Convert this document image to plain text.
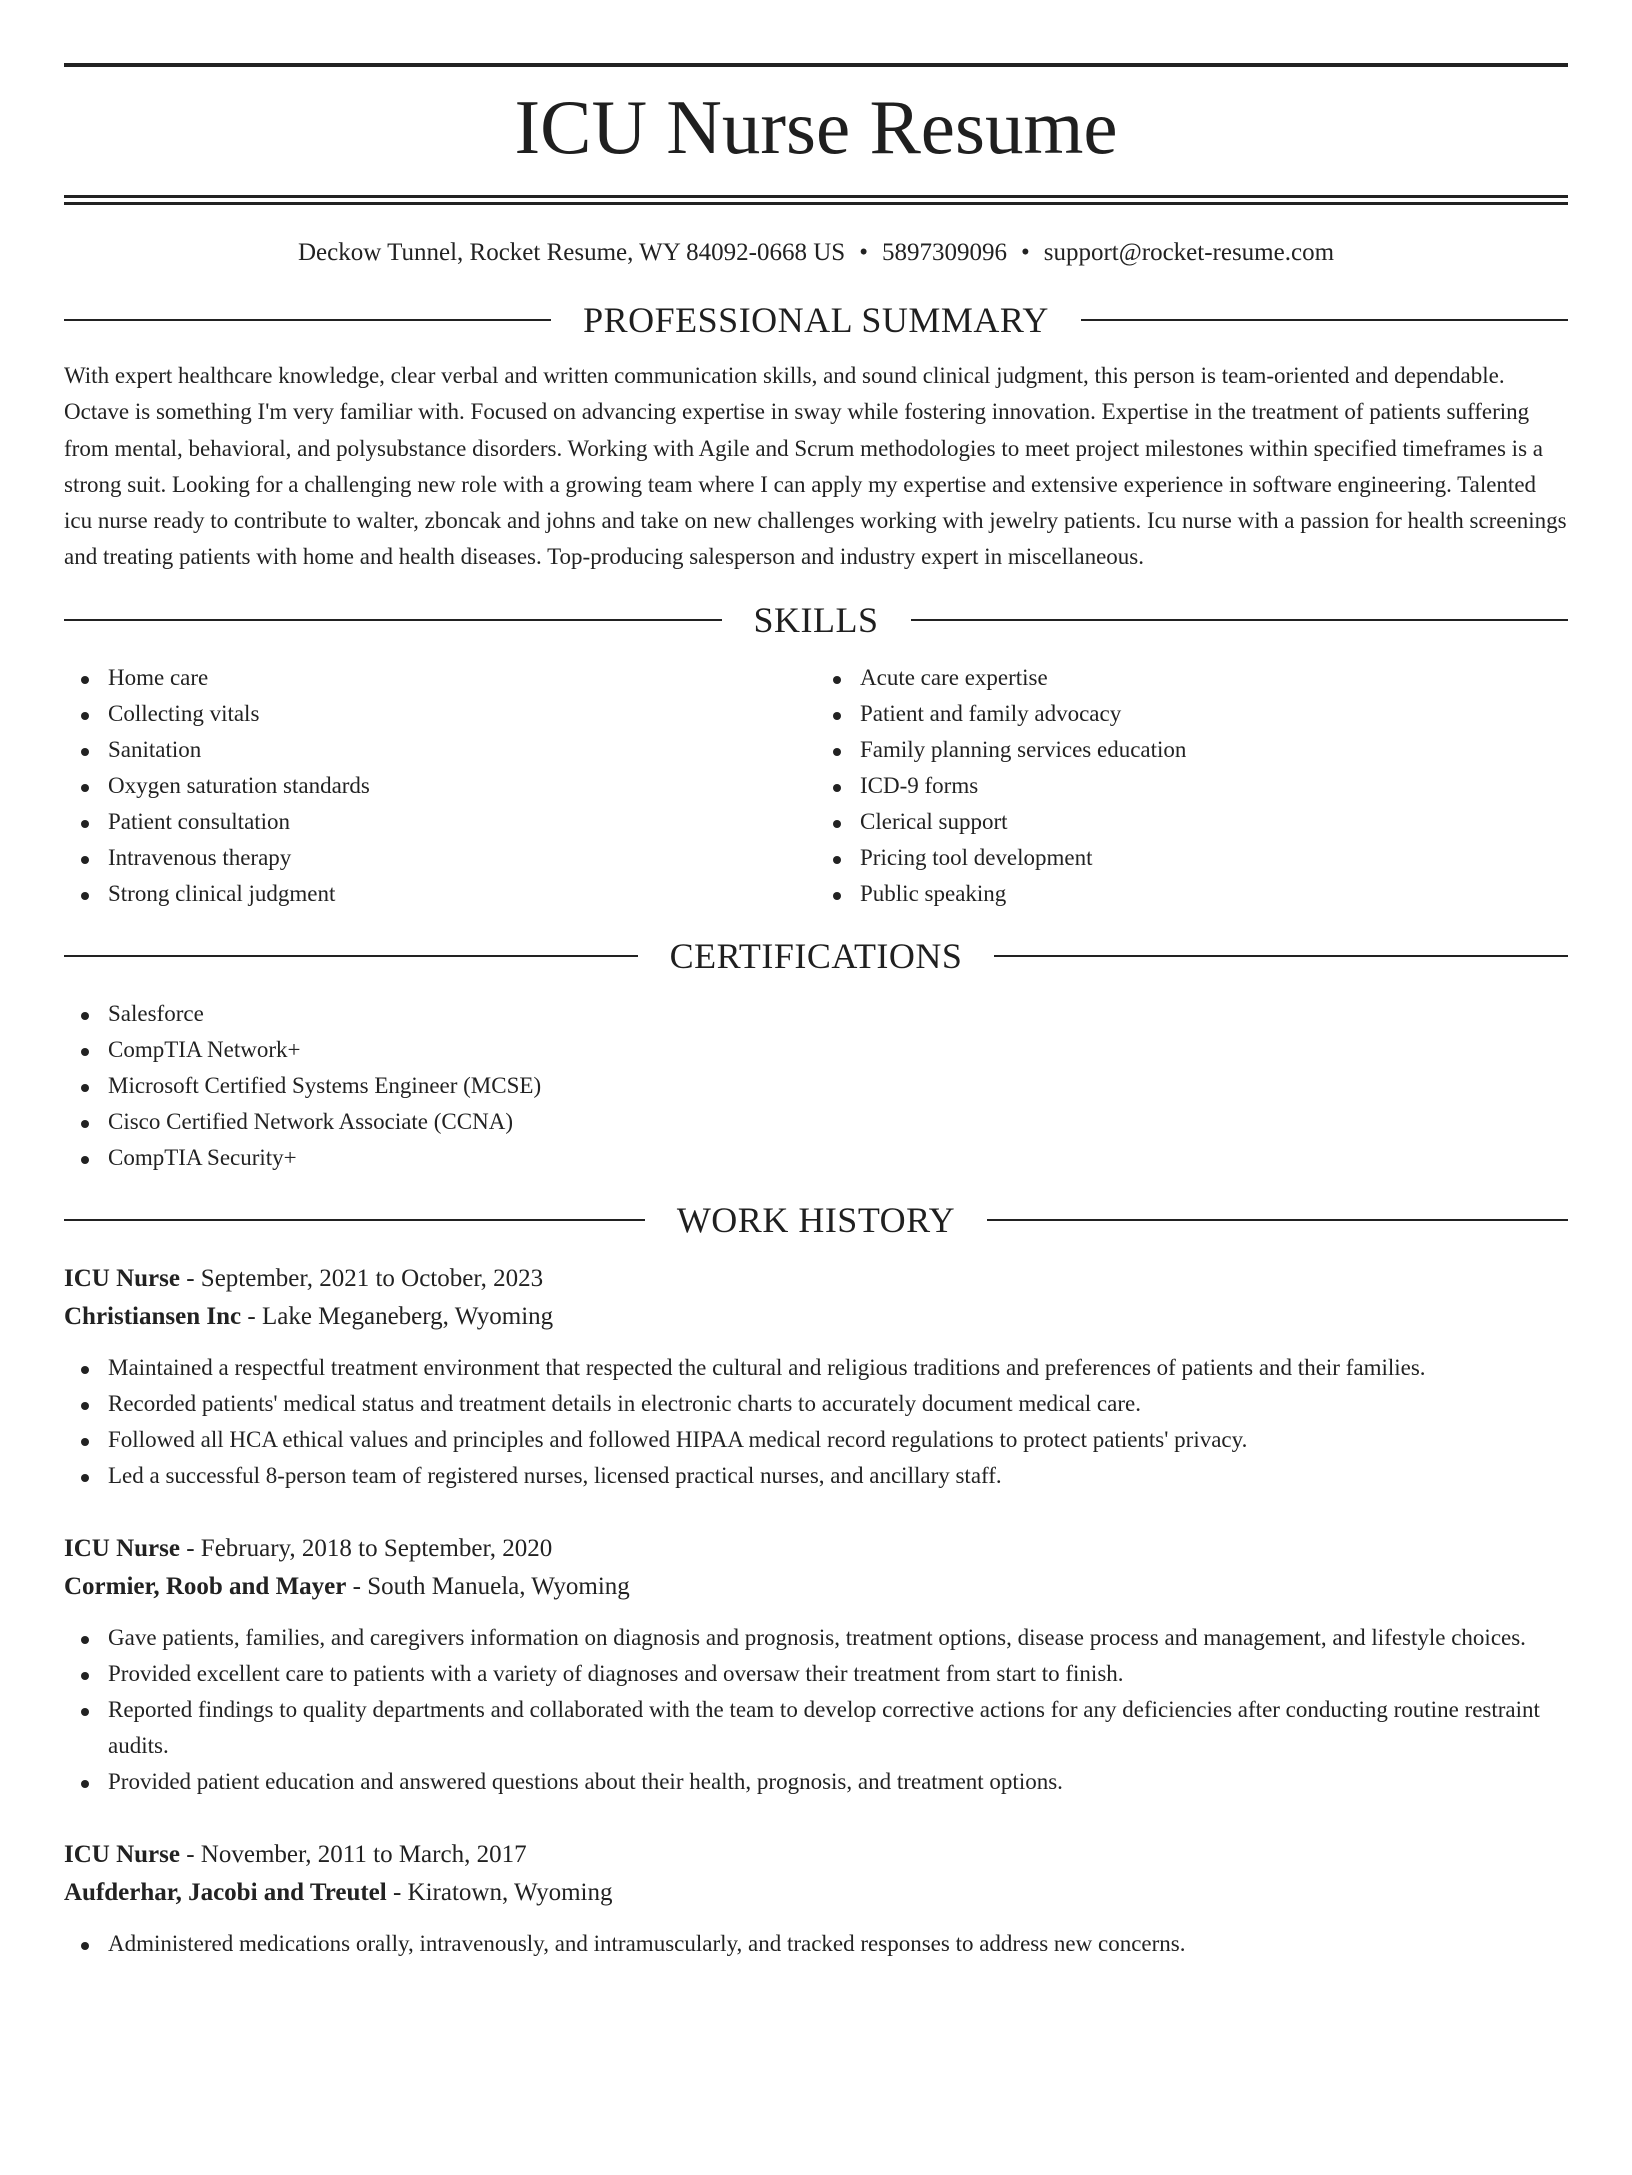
ICU Nurse Resume
Deckow Tunnel, Rocket Resume, WY 84092-0668 US • 5897309096 • support@rocket-resume.com
PROFESSIONAL SUMMARY
With expert healthcare knowledge, clear verbal and written communication skills, and sound clinical judgment, this person is team-oriented and dependable. Octave is something I'm very familiar with. Focused on advancing expertise in sway while fostering innovation. Expertise in the treatment of patients suffering from mental, behavioral, and polysubstance disorders. Working with Agile and Scrum methodologies to meet project milestones within specified timeframes is a strong suit. Looking for a challenging new role with a growing team where I can apply my expertise and extensive experience in software engineering. Talented icu nurse ready to contribute to walter, zboncak and johns and take on new challenges working with jewelry patients. Icu nurse with a passion for health screenings and treating patients with home and health diseases. Top-producing salesperson and industry expert in miscellaneous.
SKILLS
Home care
Collecting vitals
Sanitation
Oxygen saturation standards
Patient consultation
Intravenous therapy
Strong clinical judgment
Acute care expertise
Patient and family advocacy
Family planning services education
ICD-9 forms
Clerical support
Pricing tool development
Public speaking
CERTIFICATIONS
Salesforce
CompTIA Network+
Microsoft Certified Systems Engineer (MCSE)
Cisco Certified Network Associate (CCNA)
CompTIA Security+
WORK HISTORY
ICU Nurse - September, 2021 to October, 2023
Christiansen Inc - Lake Meganeberg, Wyoming
Maintained a respectful treatment environment that respected the cultural and religious traditions and preferences of patients and their families.
Recorded patients' medical status and treatment details in electronic charts to accurately document medical care.
Followed all HCA ethical values and principles and followed HIPAA medical record regulations to protect patients' privacy.
Led a successful 8-person team of registered nurses, licensed practical nurses, and ancillary staff.
ICU Nurse - February, 2018 to September, 2020
Cormier, Roob and Mayer - South Manuela, Wyoming
Gave patients, families, and caregivers information on diagnosis and prognosis, treatment options, disease process and management, and lifestyle choices.
Provided excellent care to patients with a variety of diagnoses and oversaw their treatment from start to finish.
Reported findings to quality departments and collaborated with the team to develop corrective actions for any deficiencies after conducting routine restraint audits.
Provided patient education and answered questions about their health, prognosis, and treatment options.
ICU Nurse - November, 2011 to March, 2017
Aufderhar, Jacobi and Treutel - Kiratown, Wyoming
Administered medications orally, intravenously, and intramuscularly, and tracked responses to address new concerns.
